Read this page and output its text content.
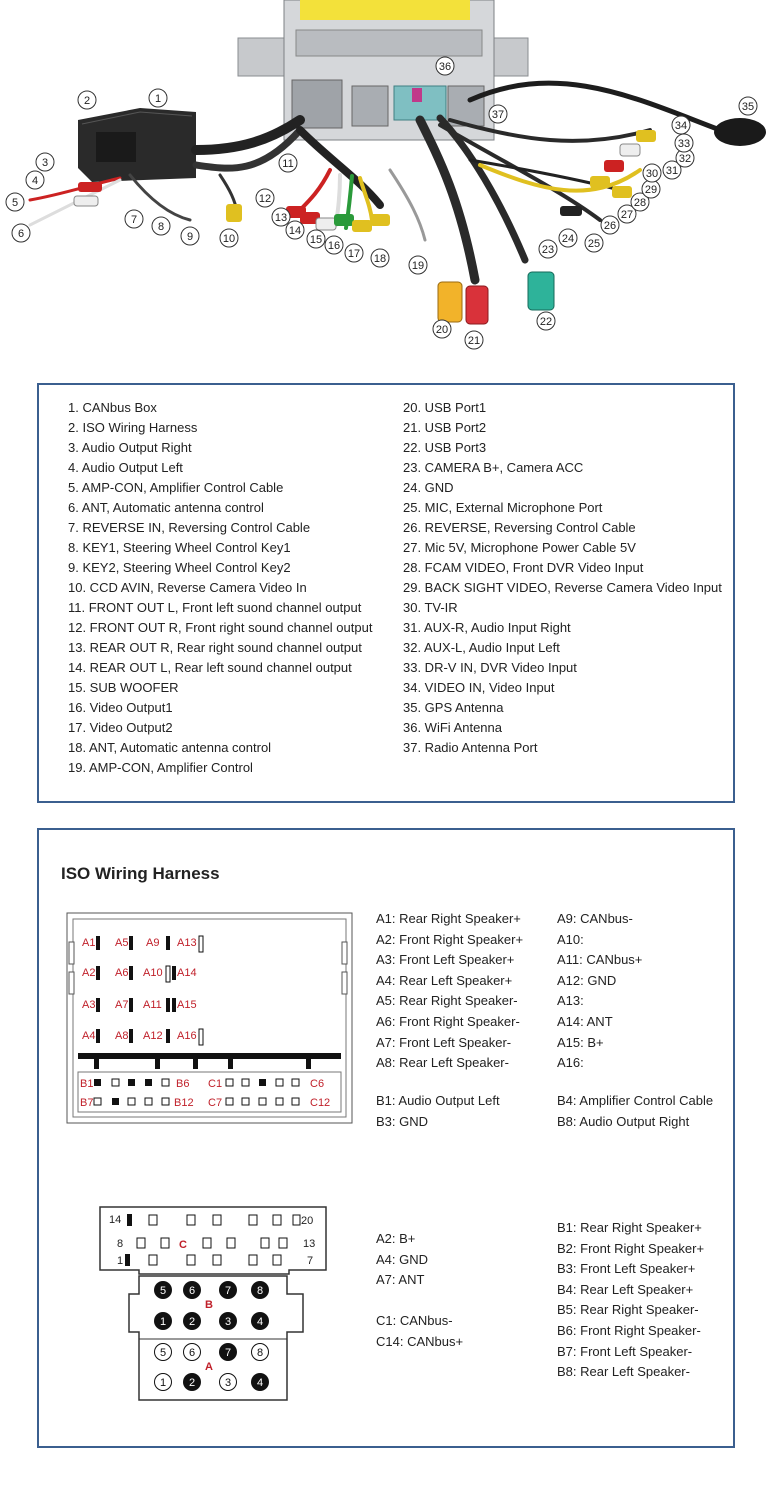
1
2
3
4
5
6
7
8
9	10
11
12
13
14
15 16
17 18
19
20
21
22
23
24 25
26
27
28
29
30 31
32
33
34
35
36
37
1. CANbus Box
2. ISO Wiring Harness
3. Audio Output Right
4. Audio Output Left
5. AMP-CON, Amplifier Control Cable
6. ANT, Automatic antenna control
7. REVERSE IN, Reversing Control Cable
8. KEY1, Steering Wheel Control Key1
9. KEY2, Steering Wheel Control Key2
10. CCD AVIN, Reverse Camera Video In
11. FRONT OUT L, Front left suond channel output
12. FRONT OUT R, Front right sound channel output
13. REAR OUT R, Rear right sound channel output
14. REAR OUT L, Rear left sound channel output
15. SUB WOOFER
16. Video Output1
17. Video Output2
18. ANT, Automatic antenna control
19. AMP-CON, Amplifier Control
20. USB Port1
21. USB Port2
22. USB Port3
23. CAMERA B+, Camera ACC
24. GND
25. MIC, External Microphone Port
26. REVERSE, Reversing Control Cable
27. Mic 5V, Microphone Power Cable 5V
28. FCAM VIDEO, Front DVR Video Input
29. BACK SIGHT VIDEO, Reverse Camera Video Input
30. TV-IR
31. AUX-R, Audio Input Right
32. AUX-L, Audio Input Left
33. DR-V IN, DVR Video Input
34. VIDEO IN, Video Input
35. GPS Antenna
36. WiFi Antenna
37. Radio Antenna Port
ISO Wiring Harness
A1 A5 A9 A13
A2 A6 A10 A14
A3 A7 A11 A15
A4 A8 A12 A16
B1	B6 C1	C6
B7	B12 C7	C12
A1: Rear Right Speaker+
A2: Front Right Speaker+
A3: Front Left Speaker+
A4: Rear Left Speaker+
A5: Rear Right Speaker-
A6: Front Right Speaker-
A7: Front Left Speaker-
A8: Rear Left Speaker-
A9: CANbus-
A10:
A11: CANbus+
A12: GND
A13:
A14: ANT
A15: B+
A16:
B1: Audio Output Left
B3: GND
B4: Amplifier Control Cable
B8: Audio Output Right
14	20
8	C	13
1	7
B
A
5 6	7 8
1 2	3 4
5 6	7 8
1 2	3 4
A2: B+
A4: GND
A7: ANT
C1: CANbus-
C14: CANbus+
B1: Rear Right Speaker+
B2: Front Right Speaker+
B3: Front Left Speaker+
B4: Rear Left Speaker+
B5: Rear Right Speaker-
B6: Front Right Speaker-
B7: Front Left Speaker-
B8: Rear Left Speaker-
